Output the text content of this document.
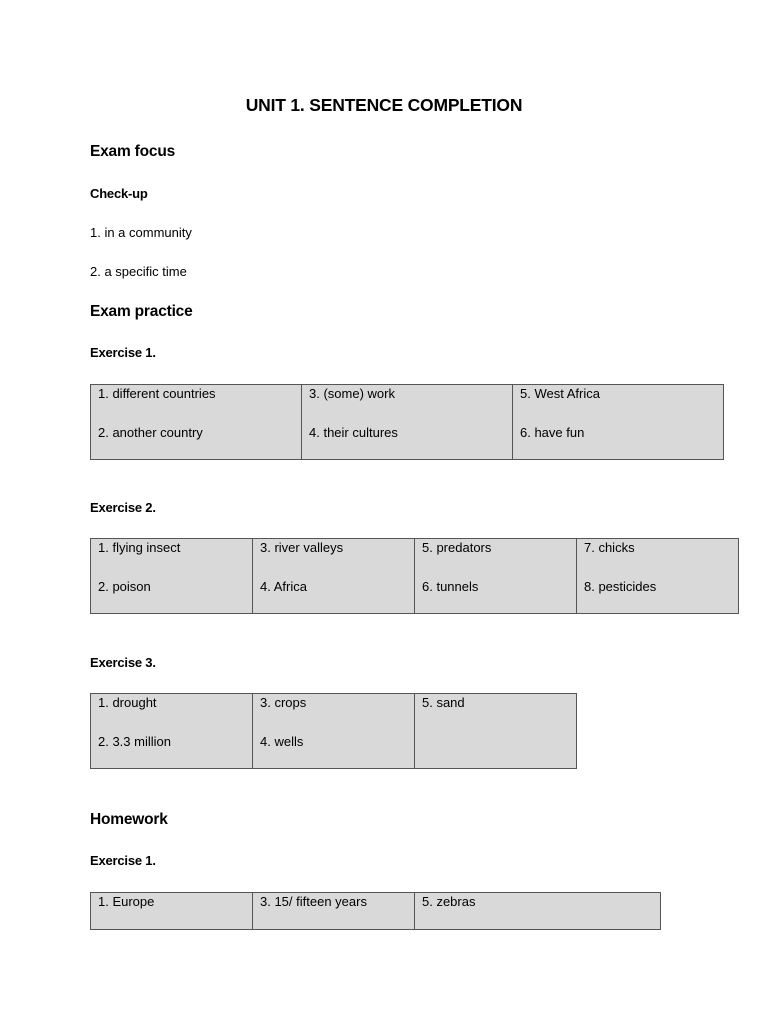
UNIT 1. SENTENCE COMPLETION
Exam focus
Check-up
1. in a community
2. a specific time
Exam practice
Exercise 1.
1. different countries
2. another country

3. (some) work
4. their cultures

5. West Africa
6. have fun
Exercise 2.
1. flying insect
2. poison

3. river valleys
4. Africa

5. predators
6. tunnels

7. chicks
8. pesticides
Exercise 3.
1. drought
2. 3.3 million

3. crops
4. wells

5. sand
Homework
Exercise 1.
1. Europe	3. 15/ fifteen years	5. zebras
